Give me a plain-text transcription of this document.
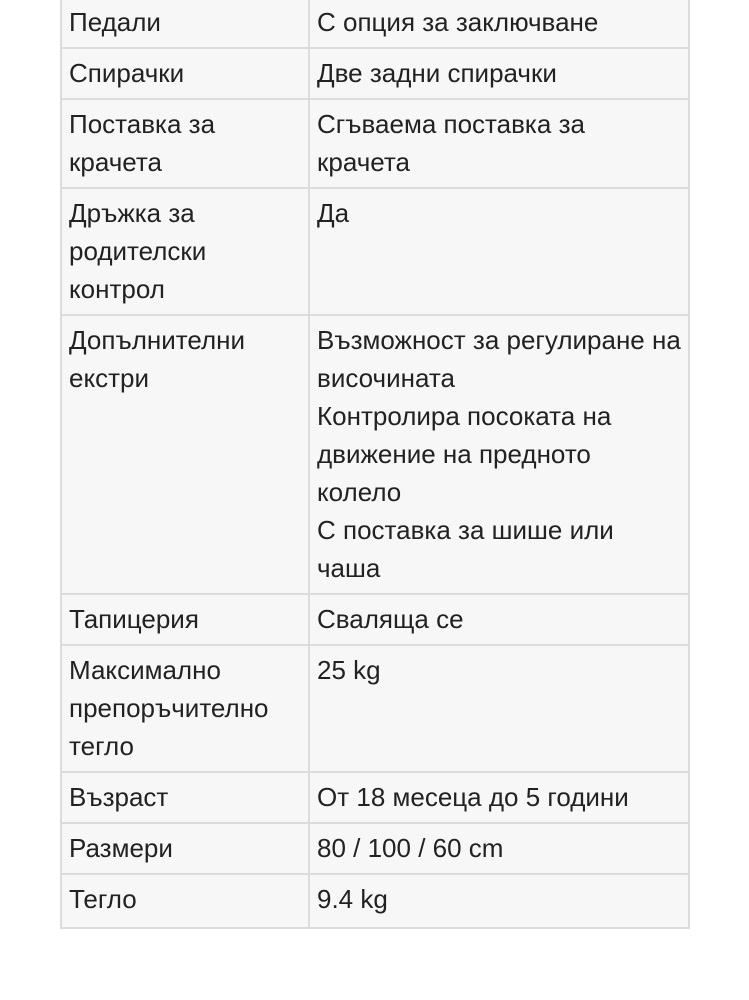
Педали	С опция за заключване

Спирачки	Две задни спирачки

Поставка за крачета	Сгъваема поставка за крачета

Дръжка за родителски контрол	Да

Допълнителни екстри	Възможност за регулиране на височината
Контролира посоката на движение на предното колело
С поставка за шише или чаша

Тапицерия	Сваляща се

Максимално препоръчително тегло	25 kg

Възраст	От 18 месеца до 5 години

Размери	80 / 100 / 60 cm

Тегло	9.4 kg
